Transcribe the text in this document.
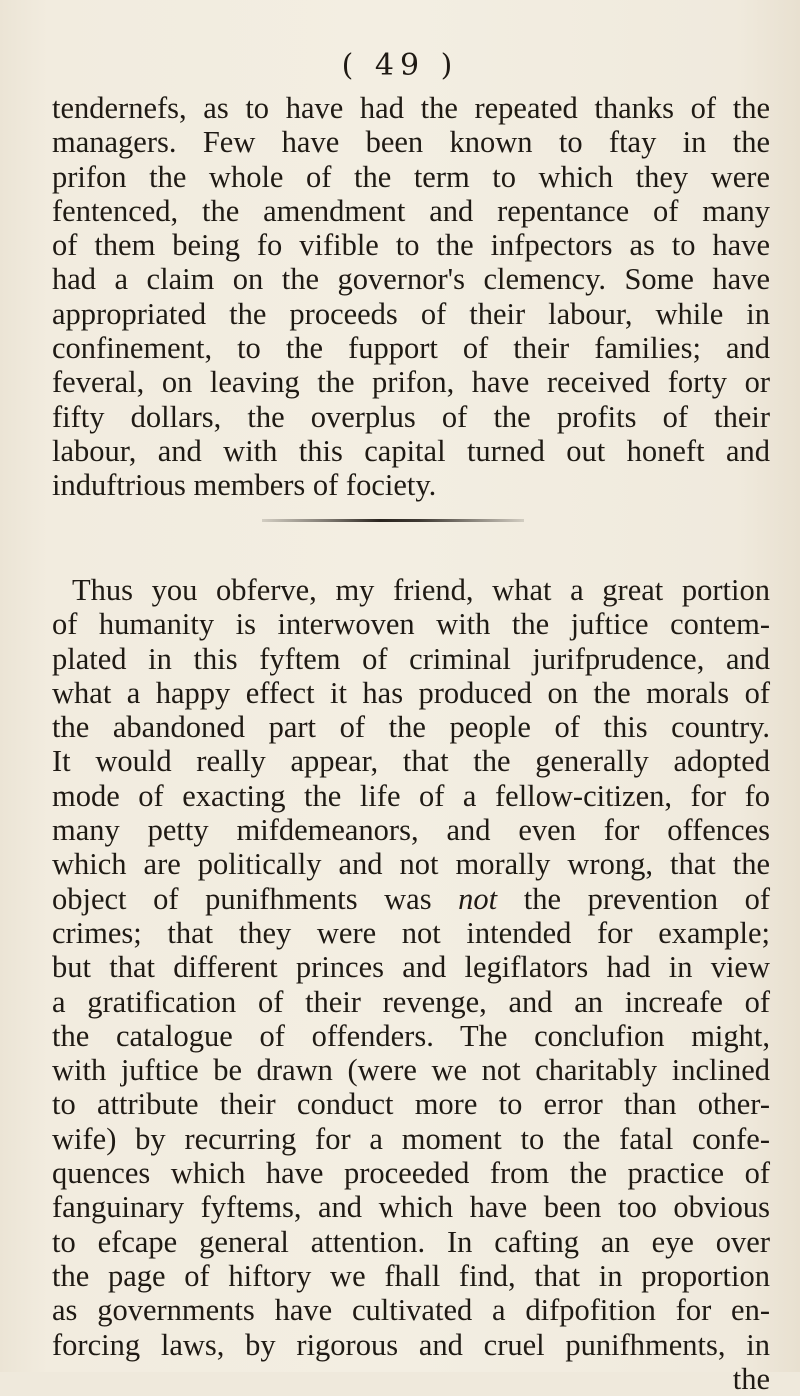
( 49 )
tendernefs, as to have had the repeated thanks of the
managers. Few have been known to ftay in the
prifon the whole of the term to which they were
fentenced, the amendment and repentance of many
of them being fo vifible to the infpectors as to have
had a claim on the governor's clemency. Some have
appropriated the proceeds of their labour, while in
confinement, to the fupport of their families; and
feveral, on leaving the prifon, have received forty or
fifty dollars, the overplus of the profits of their
labour, and with this capital turned out honeft and
induftrious members of fociety.
Thus you obferve, my friend, what a great portion
of humanity is interwoven with the juftice contem-
plated in this fyftem of criminal jurifprudence, and
what a happy effect it has produced on the morals of
the abandoned part of the people of this country.
It would really appear, that the generally adopted
mode of exacting the life of a fellow-citizen, for fo
many petty mifdemeanors, and even for offences
which are politically and not morally wrong, that the
object of punifhments was not the prevention of
crimes; that they were not intended for example;
but that different princes and legiflators had in view
a gratification of their revenge, and an increafe of
the catalogue of offenders. The conclufion might,
with juftice be drawn (were we not charitably inclined
to attribute their conduct more to error than other-
wife) by recurring for a moment to the fatal confe-
quences which have proceeded from the practice of
fanguinary fyftems, and which have been too obvious
to efcape general attention. In cafting an eye over
the page of hiftory we fhall find, that in proportion
as governments have cultivated a difpofition for en-
forcing laws, by rigorous and cruel punifhments, in
the
